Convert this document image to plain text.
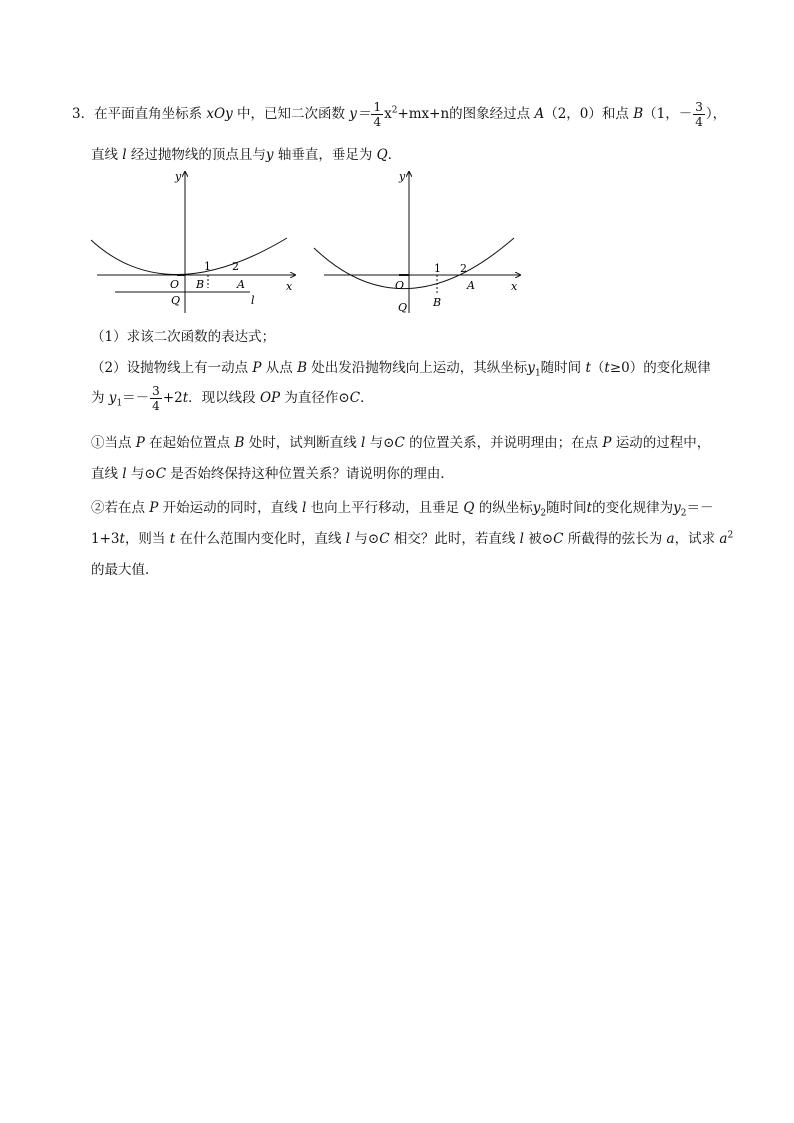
3．在平面直角坐标系 xOy 中，已知二次函数 $y= \frac{1}{4} x^2+mx+n$的图象经过点 A（2，0）和点 B（1，－ $\frac{3}{4}$ ），
直线 l 经过抛物线的顶点且与y 轴垂直，垂足为 Q．
y
x
1 2
O B	A
Q	l
y
x
1 2
O	A
Q B
（1）求该二次函数的表达式；
（2）设抛物线上有一动点 P 从点 B 处出发沿抛物线向上运动，其纵坐标$y_1$随时间 t（t≥0）的变化规律
为 $y_1=- \frac{3}{4} +2t$．现以线段 OP 为直径作⊙C．
①当点 P 在起始位置点 B 处时，试判断直线 l 与⊙C 的位置关系，并说明理由；在点 P 运动的过程中，
直线 l 与⊙C 是否始终保持这种位置关系？请说明你的理由．
②若在点 P 开始运动的同时，直线 l 也向上平行移动，且垂足 Q 的纵坐标$y_2$随时间t的变化规律为$y_2=-$
1+3t，则当 t 在什么范围内变化时，直线 l 与⊙C 相交？此时，若直线 l 被⊙C 所截得的弦长为 a，试求 $a^2$
的最大值．
